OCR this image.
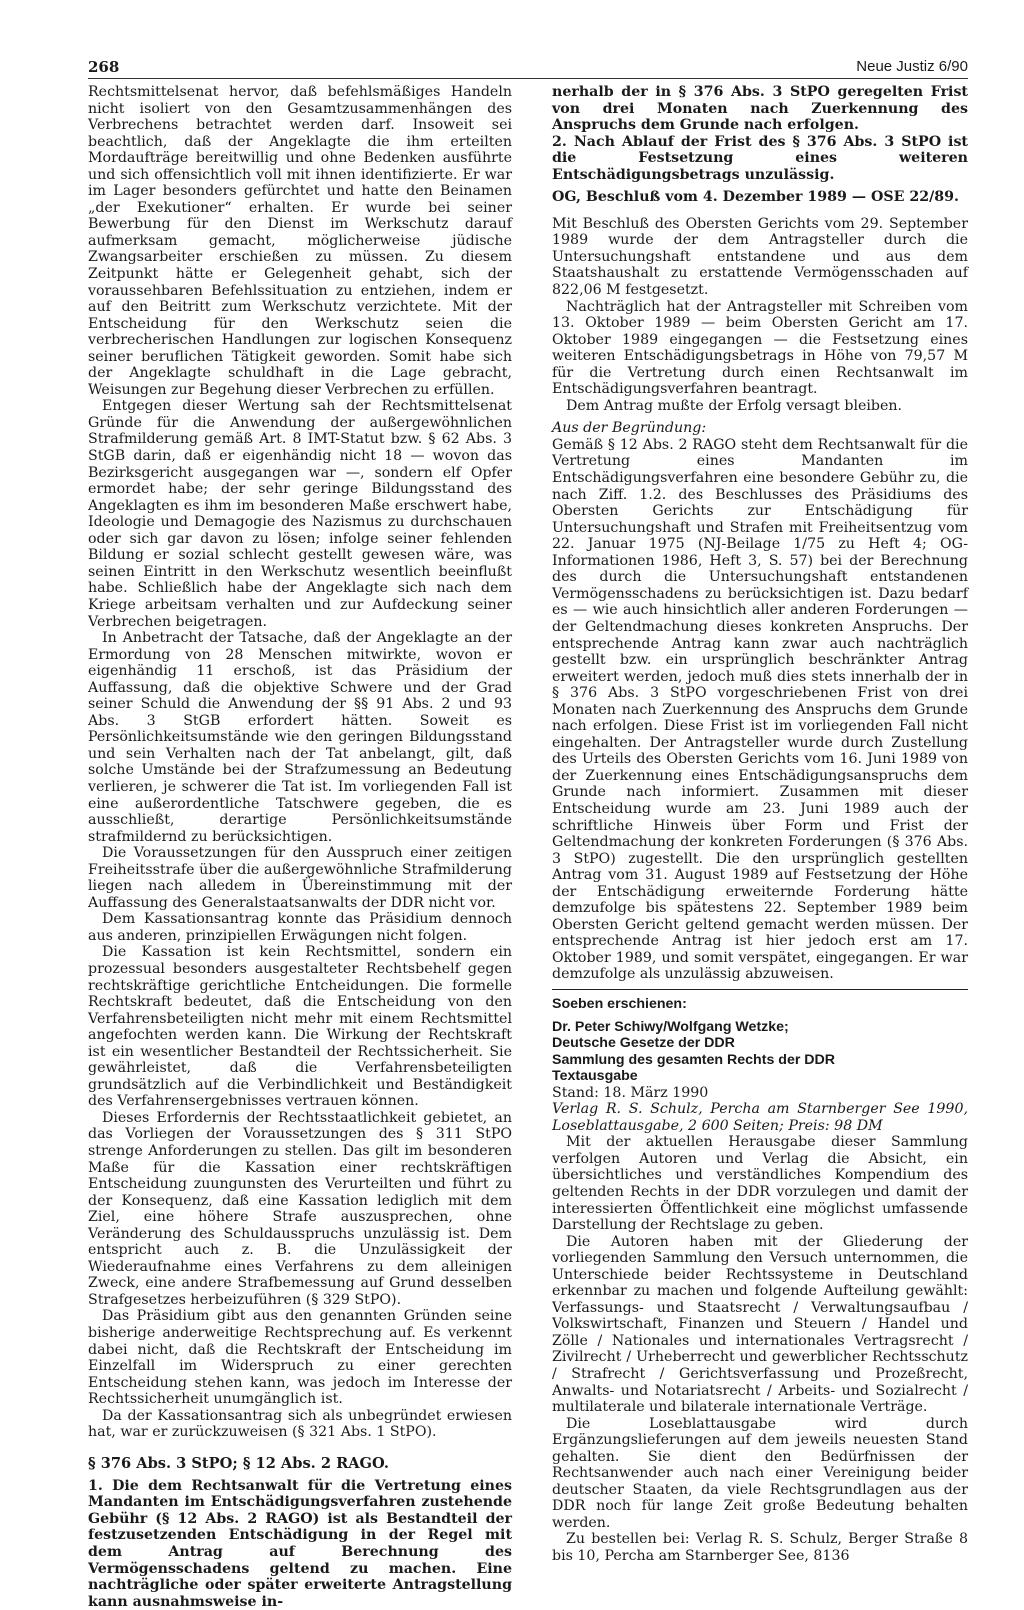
268	Neue Justiz 6/90

Rechtsmittelsenat hervor, daß befehlsmäßiges Handeln nicht isoliert von den Gesamtzusammenhängen des Verbrechens betrachtet werden darf. Insoweit sei beachtlich, daß der Angeklagte die ihm erteilten Mordaufträge bereitwillig und ohne Bedenken ausführte und sich offensichtlich voll mit ihnen identifizierte. Er war im Lager besonders gefürchtet und hatte den Beinamen „der Exekutioner“ erhalten. Er wurde bei seiner Bewerbung für den Dienst im Werkschutz darauf aufmerksam gemacht, möglicherweise jüdische Zwangsarbeiter erschießen zu müssen. Zu diesem Zeitpunkt hätte er Gelegenheit gehabt, sich der voraussehbaren Befehlssituation zu entziehen, indem er auf den Beitritt zum Werkschutz verzichtete. Mit der Entscheidung für den Werkschutz seien die verbrecherischen Handlungen zur logischen Konsequenz seiner beruflichen Tätigkeit geworden. Somit habe sich der Angeklagte schuldhaft in die Lage gebracht, Weisungen zur Begehung dieser Verbrechen zu erfüllen.

Entgegen dieser Wertung sah der Rechtsmittelsenat Gründe für die Anwendung der außergewöhnlichen Strafmilderung gemäß Art. 8 IMT-Statut bzw. § 62 Abs. 3 StGB darin, daß er eigenhändig nicht 18 — wovon das Bezirksgericht ausgegangen war —, sondern elf Opfer ermordet habe; der sehr geringe Bildungsstand des Angeklagten es ihm im besonderen Maße erschwert habe, Ideologie und Demagogie des Nazismus zu durchschauen oder sich gar davon zu lösen; infolge seiner fehlenden Bildung er sozial schlecht gestellt gewesen wäre, was seinen Eintritt in den Werkschutz wesentlich beeinflußt habe. Schließlich habe der Angeklagte sich nach dem Kriege arbeitsam verhalten und zur Aufdeckung seiner Verbrechen beigetragen.

In Anbetracht der Tatsache, daß der Angeklagte an der Ermordung von 28 Menschen mitwirkte, wovon er eigenhändig 11 erschoß, ist das Präsidium der Auffassung, daß die objektive Schwere und der Grad seiner Schuld die Anwendung der §§ 91 Abs. 2 und 93 Abs. 3 StGB erfordert hätten. Soweit es Persönlichkeitsumstände wie den geringen Bildungsstand und sein Verhalten nach der Tat anbelangt, gilt, daß solche Umstände bei der Strafzumessung an Bedeutung verlieren, je schwerer die Tat ist. Im vorliegenden Fall ist eine außerordentliche Tatschwere gegeben, die es ausschließt, derartige Persönlichkeitsumstände strafmildernd zu berücksichtigen.

Die Voraussetzungen für den Ausspruch einer zeitigen Freiheitsstrafe über die außergewöhnliche Strafmilderung liegen nach alledem in Übereinstimmung mit der Auffassung des Generalstaatsanwalts der DDR nicht vor.

Dem Kassationsantrag konnte das Präsidium dennoch aus anderen, prinzipiellen Erwägungen nicht folgen.

Die Kassation ist kein Rechtsmittel, sondern ein prozessual besonders ausgestalteter Rechtsbehelf gegen rechtskräftige gerichtliche Entcheidungen. Die formelle Rechtskraft bedeutet, daß die Entscheidung von den Verfahrensbeteiligten nicht mehr mit einem Rechtsmittel angefochten werden kann. Die Wirkung der Rechtskraft ist ein wesentlicher Bestandteil der Rechtssicherheit. Sie gewährleistet, daß die Verfahrensbeteiligten grundsätzlich auf die Verbindlichkeit und Beständigkeit des Verfahrensergebnisses vertrauen können.

Dieses Erfordernis der Rechtsstaatlichkeit gebietet, an das Vorliegen der Voraussetzungen des § 311 StPO strenge Anforderungen zu stellen. Das gilt im besonderen Maße für die Kassation einer rechtskräftigen Entscheidung zuungunsten des Verurteilten und führt zu der Konsequenz, daß eine Kassation lediglich mit dem Ziel, eine höhere Strafe auszusprechen, ohne Veränderung des Schuldausspruchs unzulässig ist. Dem entspricht auch z. B. die Unzulässigkeit der Wiederaufnahme eines Verfahrens zu dem alleinigen Zweck, eine andere Strafbemessung auf Grund desselben Strafgesetzes herbeizuführen (§ 329 StPO).

Das Präsidium gibt aus den genannten Gründen seine bisherige anderweitige Rechtsprechung auf. Es verkennt dabei nicht, daß die Rechtskraft der Entscheidung im Einzelfall im Widerspruch zu einer gerechten Entscheidung stehen kann, was jedoch im Interesse der Rechtssicherheit unumgänglich ist.

Da der Kassationsantrag sich als unbegründet erwiesen hat, war er zurückzuweisen (§ 321 Abs. 1 StPO).

§ 376 Abs. 3 StPO; § 12 Abs. 2 RAGO.

1. Die dem Rechtsanwalt für die Vertretung eines Mandanten im Entschädigungsverfahren zustehende Gebühr (§ 12 Abs. 2 RAGO) ist als Bestandteil der festzusetzenden Entschädigung in der Regel mit dem Antrag auf Berechnung des Vermögensschadens geltend zu machen. Eine nachträgliche oder später erweiterte Antragstellung kann ausnahmsweise in-

nerhalb der in § 376 Abs. 3 StPO geregelten Frist von drei Monaten nach Zuerkennung des Anspruchs dem Grunde nach erfolgen.

2. Nach Ablauf der Frist des § 376 Abs. 3 StPO ist die Festsetzung eines weiteren Entschädigungsbetrags unzulässig.

OG, Beschluß vom 4. Dezember 1989 — OSE 22/89.

Mit Beschluß des Obersten Gerichts vom 29. September 1989 wurde der dem Antragsteller durch die Untersuchungshaft entstandene und aus dem Staatshaushalt zu erstattende Vermögensschaden auf 822,06 M festgesetzt.

Nachträglich hat der Antragsteller mit Schreiben vom 13. Oktober 1989 — beim Obersten Gericht am 17. Oktober 1989 eingegangen — die Festsetzung eines weiteren Entschädigungsbetrags in Höhe von 79,57 M für die Vertretung durch einen Rechtsanwalt im Entschädigungsverfahren beantragt.

Dem Antrag mußte der Erfolg versagt bleiben.

Aus der Begründung:

Gemäß § 12 Abs. 2 RAGO steht dem Rechtsanwalt für die Vertretung eines Mandanten im Entschädigungsverfahren eine besondere Gebühr zu, die nach Ziff. 1.2. des Beschlusses des Präsidiums des Obersten Gerichts zur Entschädigung für Untersuchungshaft und Strafen mit Freiheitsentzug vom 22. Januar 1975 (NJ-Beilage 1/75 zu Heft 4; OG-Informationen 1986, Heft 3, S. 57) bei der Berechnung des durch die Untersuchungshaft entstandenen Vermögensschadens zu berücksichtigen ist. Dazu bedarf es — wie auch hinsichtlich aller anderen Forderungen — der Geltendmachung dieses konkreten Anspruchs. Der entsprechende Antrag kann zwar auch nachträglich gestellt bzw. ein ursprünglich beschränkter Antrag erweitert werden, jedoch muß dies stets innerhalb der in § 376 Abs. 3 StPO vorgeschriebenen Frist von drei Monaten nach Zuerkennung des Anspruchs dem Grunde nach erfolgen. Diese Frist ist im vorliegenden Fall nicht eingehalten. Der Antragsteller wurde durch Zustellung des Urteils des Obersten Gerichts vom 16. Juni 1989 von der Zuerkennung eines Entschädigungsanspruchs dem Grunde nach informiert. Zusammen mit dieser Entscheidung wurde am 23. Juni 1989 auch der schriftliche Hinweis über Form und Frist der Geltendmachung der konkreten Forderungen (§ 376 Abs. 3 StPO) zugestellt. Die den ursprünglich gestellten Antrag vom 31. August 1989 auf Festsetzung der Höhe der Entschädigung erweiternde Forderung hätte demzufolge bis spätestens 22. September 1989 beim Obersten Gericht geltend gemacht werden müssen. Der entsprechende Antrag ist hier jedoch erst am 17. Oktober 1989, und somit verspätet, eingegangen. Er war demzufolge als unzulässig abzuweisen.

Soeben erschienen:

Dr. Peter Schiwy/Wolfgang Wetzke;

Deutsche Gesetze der DDR

Sammlung des gesamten Rechts der DDR

Textausgabe

Stand: 18. März 1990

Verlag R. S. Schulz, Percha am Starnberger See 1990, Loseblattausgabe, 2 600 Seiten; Preis: 98 DM

Mit der aktuellen Herausgabe dieser Sammlung verfolgen Autoren und Verlag die Absicht, ein übersichtliches und verständliches Kompendium des geltenden Rechts in der DDR vorzulegen und damit der interessierten Öffentlichkeit eine möglichst umfassende Darstellung der Rechtslage zu geben.

Die Autoren haben mit der Gliederung der vorliegenden Sammlung den Versuch unternommen, die Unterschiede beider Rechtssysteme in Deutschland erkennbar zu machen und folgende Aufteilung gewählt: Verfassungs- und Staatsrecht / Verwaltungsaufbau / Volkswirtschaft, Finanzen und Steuern / Handel und Zölle / Nationales und internationales Vertragsrecht / Zivilrecht / Urheberrecht und gewerblicher Rechtsschutz / Strafrecht / Gerichtsverfassung und Prozeßrecht, Anwalts- und Notariatsrecht / Arbeits- und Sozialrecht / multilaterale und bilaterale internationale Verträge.

Die Loseblattausgabe wird durch Ergänzungslieferungen auf dem jeweils neuesten Stand gehalten. Sie dient den Bedürfnissen der Rechtsanwender auch nach einer Vereinigung beider deutscher Staaten, da viele Rechtsgrundlagen aus der DDR noch für lange Zeit große Bedeutung behalten werden.

Zu bestellen bei: Verlag R. S. Schulz, Berger Straße 8 bis 10, Percha am Starnberger See, 8136
